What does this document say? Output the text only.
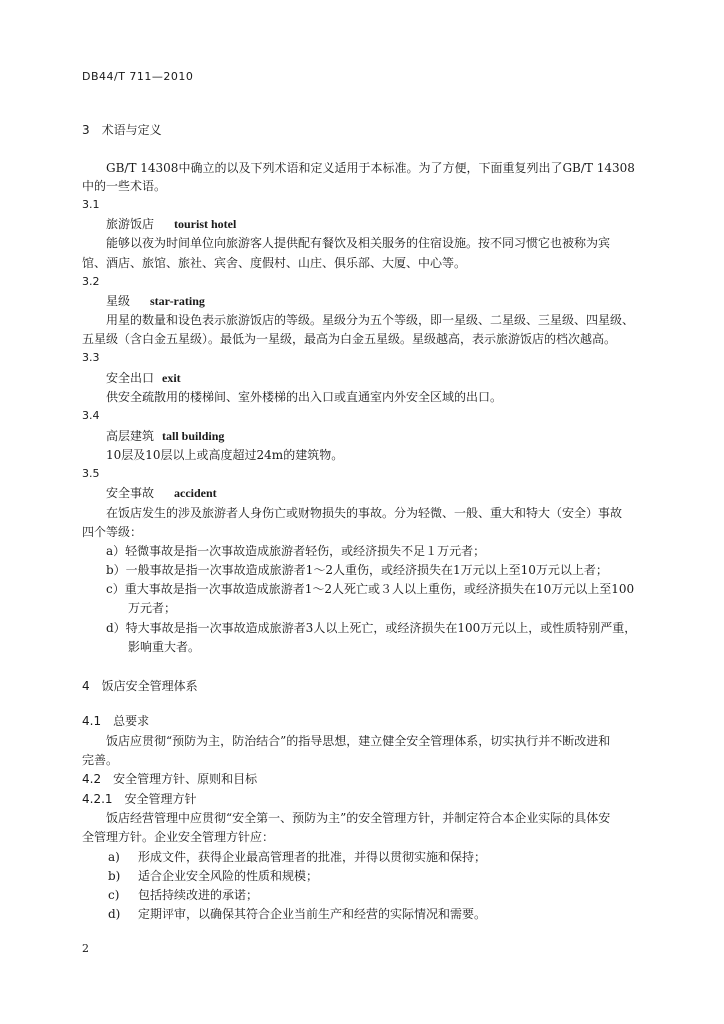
DB44/T 711—2010
3　术语与定义
GB/T 14308中确立的以及下列术语和定义适用于本标准。为了方便，下面重复列出了GB/T 14308
中的一些术语。
3.1
旅游饭店 tourist hotel
能够以夜为时间单位向旅游客人提供配有餐饮及相关服务的住宿设施。按不同习惯它也被称为宾
馆、酒店、旅馆、旅社、宾舍、度假村、山庄、俱乐部、大厦、中心等。
3.2
星级 star-rating
用星的数量和设色表示旅游饭店的等级。星级分为五个等级，即一星级、二星级、三星级、四星级、
五星级（含白金五星级）。最低为一星级，最高为白金五星级。星级越高，表示旅游饭店的档次越高。
3.3
安全出口 exit
供安全疏散用的楼梯间、室外楼梯的出入口或直通室内外安全区域的出口。
3.4
高层建筑 tall building
10层及10层以上或高度超过24m的建筑物。
3.5
安全事故 accident
在饭店发生的涉及旅游者人身伤亡或财物损失的事故。分为轻微、一般、重大和特大（安全）事故
四个等级：
a）轻微事故是指一次事故造成旅游者轻伤，或经济损失不足１万元者；
b）一般事故是指一次事故造成旅游者1～2人重伤，或经济损失在1万元以上至10万元以上者；
c）重大事故是指一次事故造成旅游者1～2人死亡或３人以上重伤，或经济损失在10万元以上至100
万元者；
d）特大事故是指一次事故造成旅游者3人以上死亡，或经济损失在100万元以上，或性质特别严重，
影响重大者。
4　饭店安全管理体系
4.1　总要求
饭店应贯彻“预防为主，防治结合”的指导思想，建立健全安全管理体系，切实执行并不断改进和
完善。
4.2　安全管理方针、原则和目标
4.2.1　安全管理方针
饭店经营管理中应贯彻“安全第一、预防为主”的安全管理方针，并制定符合本企业实际的具体安
全管理方针。企业安全管理方针应：
a) 形成文件，获得企业最高管理者的批准，并得以贯彻实施和保持；
b) 适合企业安全风险的性质和规模；
c) 包括持续改进的承诺；
d) 定期评审，以确保其符合企业当前生产和经营的实际情况和需要。
2
